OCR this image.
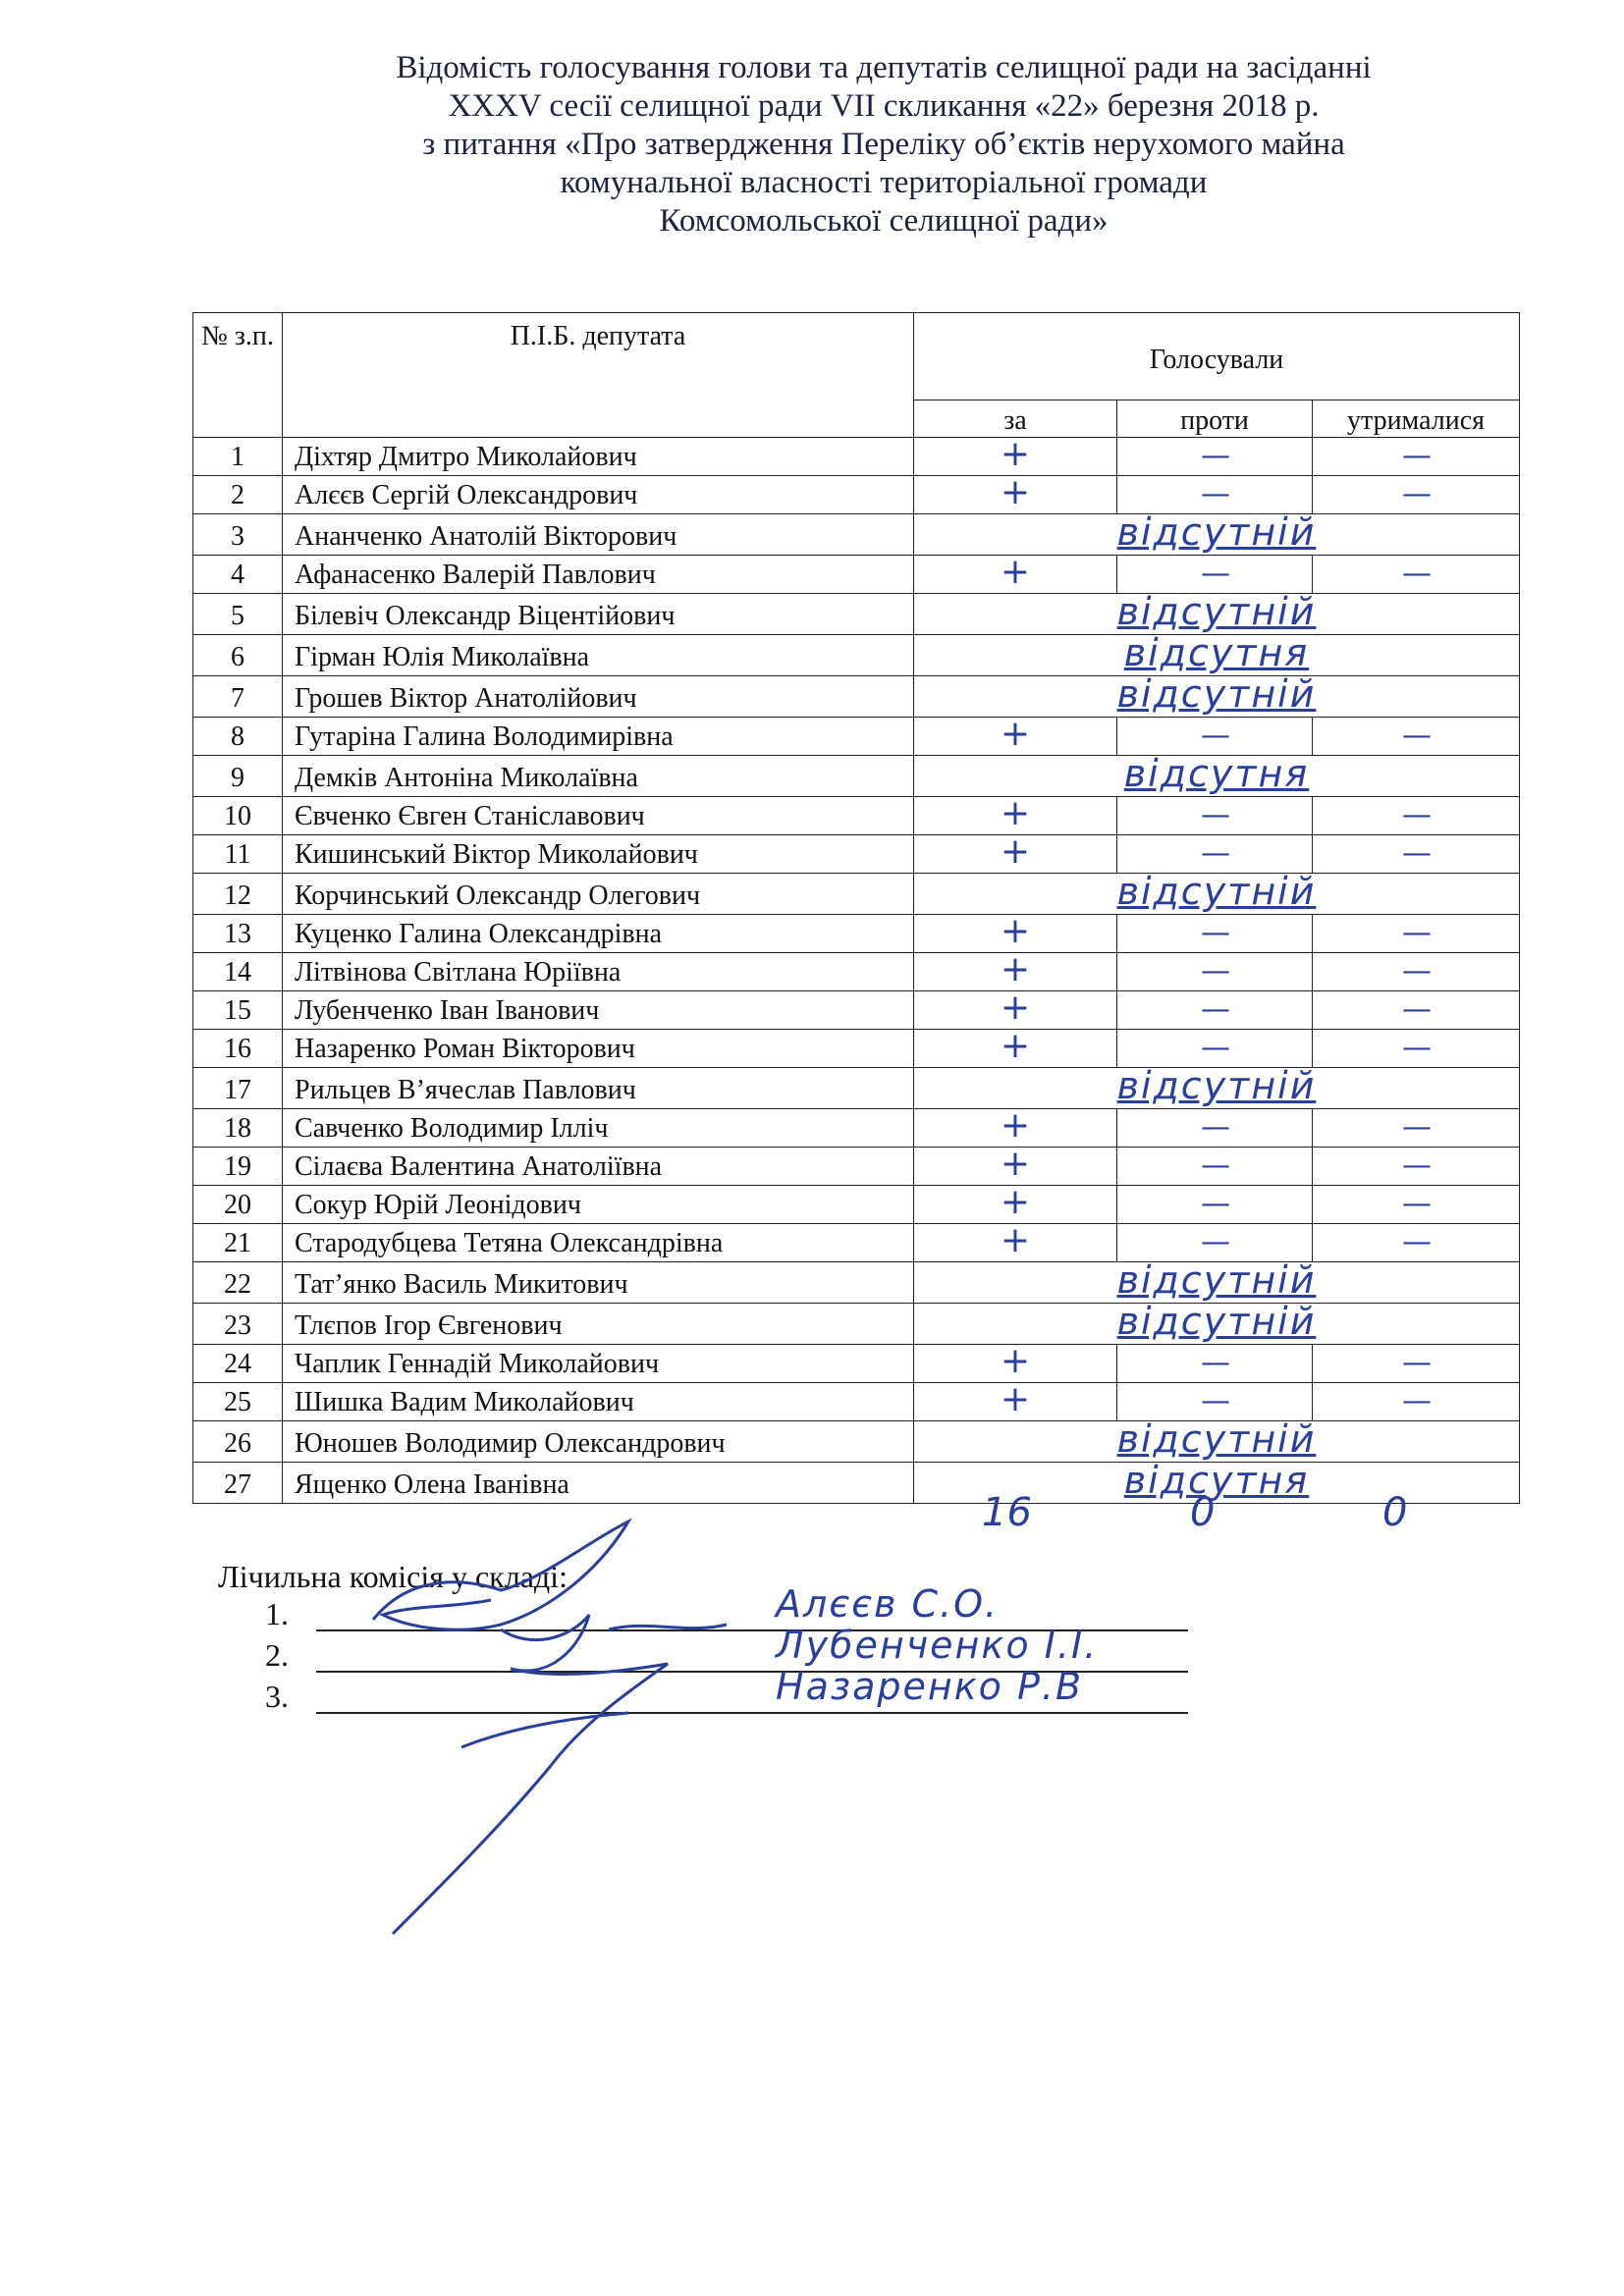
Відомість голосування голови та депутатів селищної ради на засіданні
XXXV сесії селищної ради VII скликання «22» березня 2018 р.
з питання «Про затвердження Переліку об’єктів нерухомого майна
комунальної власності територіальної громади
Комсомольської селищної ради»
№ з.п.	П.І.Б. депутата	Голосували		
		за	проти	утрималися
1	Діхтяр Дмитро Миколайович	+	—	—
2	Алєєв Сергій Олександрович	+	—	—
3	Ананченко Анатолій Вікторович	відсутній		
4	Афанасенко Валерій Павлович	+	—	—
5	Білевіч Олександр Віцентійович	відсутній		
6	Гірман Юлія Миколаївна	відсутня		
7	Грошев Віктор Анатолійович	відсутній		
8	Гутаріна Галина Володимирівна	+	—	—
9	Демків Антоніна Миколаївна	відсутня		
10	Євченко Євген Станіславович	+	—	—
11	Кишинський Віктор Миколайович	+	—	—
12	Корчинський Олександр Олегович	відсутній		
13	Куценко Галина Олександрівна	+	—	—
14	Літвінова Світлана Юріївна	+	—	—
15	Лубенченко Іван Іванович	+	—	—
16	Назаренко Роман Вікторович	+	—	—
17	Рильцев В’ячеслав Павлович	відсутній		
18	Савченко Володимир Ілліч	+	—	—
19	Сілаєва Валентина Анатоліївна	+	—	—
20	Сокур Юрій Леонідович	+	—	—
21	Стародубцева Тетяна Олександрівна	+	—	—
22	Тат’янко Василь Микитович	відсутній		
23	Тлєпов Ігор Євгенович	відсутній		
24	Чаплик Геннадій Миколайович	+	—	—
25	Шишка Вадим Миколайович	+	—	—
26	Юношев Володимир Олександрович	відсутній		
27	Ященко Олена Іванівна	відсутня		
16	0	0
Лічильна комісія у складі:
1.	Алєєв С.О.
2.	Лубенченко І.І.
3.	Назаренко Р.В
